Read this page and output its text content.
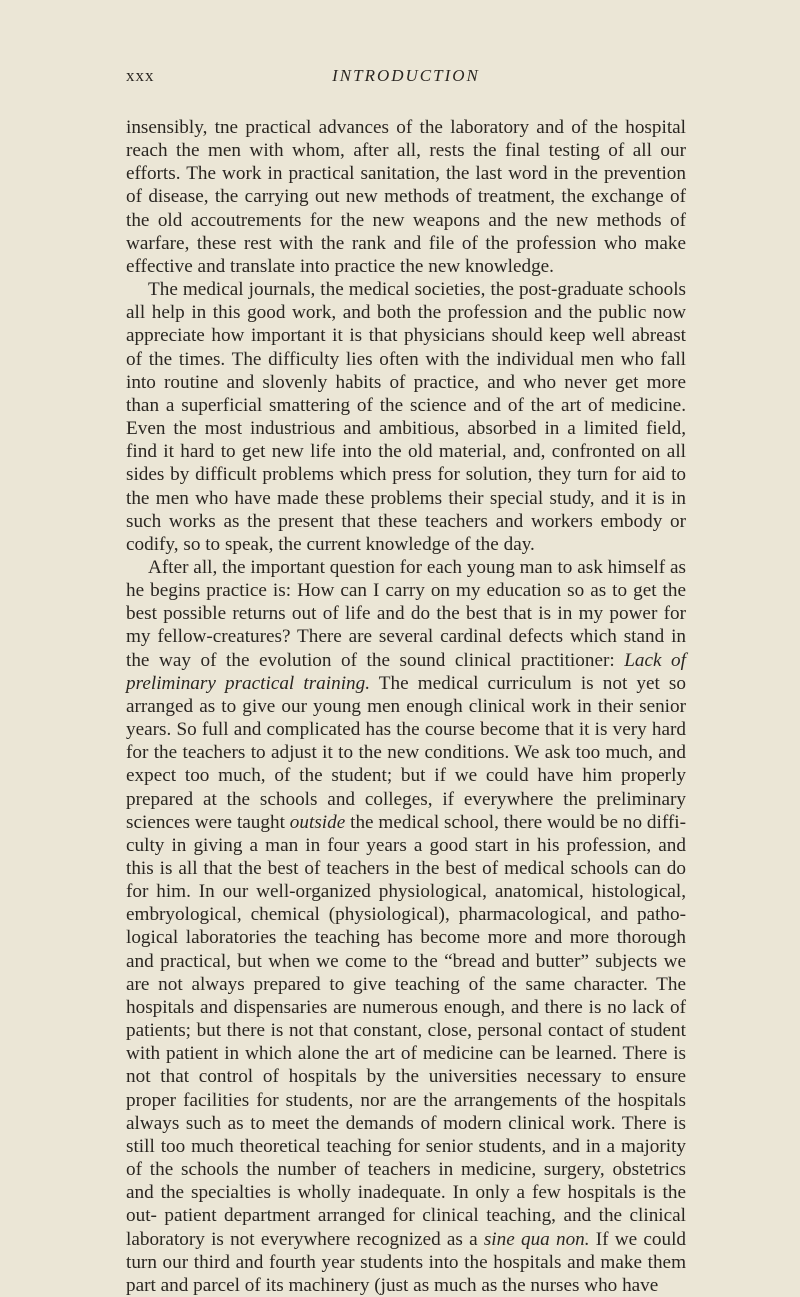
xxx	INTRODUCTION

insensibly, tne practical advances of the laboratory and of the hospital reach the men with whom, after all, rests the final testing of all our efforts. The work in practical sanitation, the last word in the prevention of disease, the carrying out new methods of treatment, the exchange of the old accoutrements for the new weapons and the new methods of warfare, these rest with the rank and file of the profession who make effective and translate into practice the new knowledge.

The medical journals, the medical societies, the post-graduate schools all help in this good work, and both the profession and the public now appreciate how important it is that physicians should keep well abreast of the times. The difficulty lies often with the individual men who fall into routine and slovenly habits of practice, and who never get more than a superficial smattering of the science and of the art of medicine. Even the most industrious and ambitious, absorbed in a limited field, find it hard to get new life into the old material, and, confronted on all sides by difficult problems which press for solution, they turn for aid to the men who have made these problems their special study, and it is in such works as the present that these teachers and workers embody or codify, so to speak, the current knowledge of the day.

After all, the important question for each young man to ask himself as he begins practice is: How can I carry on my education so as to get the best possible returns out of life and do the best that is in my power for my fellow-creatures? There are several cardinal defects which stand in the way of the evolution of the sound clinical practitioner: Lack of preliminary practical training. The medical curriculum is not yet so arranged as to give our young men enough clinical work in their senior years. So full and complicated has the course become that it is very hard for the teachers to adjust it to the new conditions. We ask too much, and expect too much, of the student; but if we could have him properly prepared at the schools and colleges, if everywhere the preliminary sciences were taught outside the medical school, there would be no diffi- culty in giving a man in four years a good start in his profession, and this is all that the best of teachers in the best of medical schools can do for him. In our well-organized physiological, anatomical, histological, embryological, chemical (physiological), pharmacological, and patho- logical laboratories the teaching has become more and more thorough and practical, but when we come to the “bread and butter” subjects we are not always prepared to give teaching of the same character. The hospitals and dispensaries are numerous enough, and there is no lack of patients; but there is not that constant, close, personal contact of student with patient in which alone the art of medicine can be learned. There is not that control of hospitals by the universities necessary to ensure proper facilities for students, nor are the arrangements of the hospitals always such as to meet the demands of modern clinical work. There is still too much theoretical teaching for senior students, and in a majority of the schools the number of teachers in medicine, surgery, obstetrics and the specialties is wholly inadequate. In only a few hospitals is the out- patient department arranged for clinical teaching, and the clinical laboratory is not everywhere recognized as a sine qua non. If we could turn our third and fourth year students into the hospitals and make them part and parcel of its machinery (just as much as the nurses who have
